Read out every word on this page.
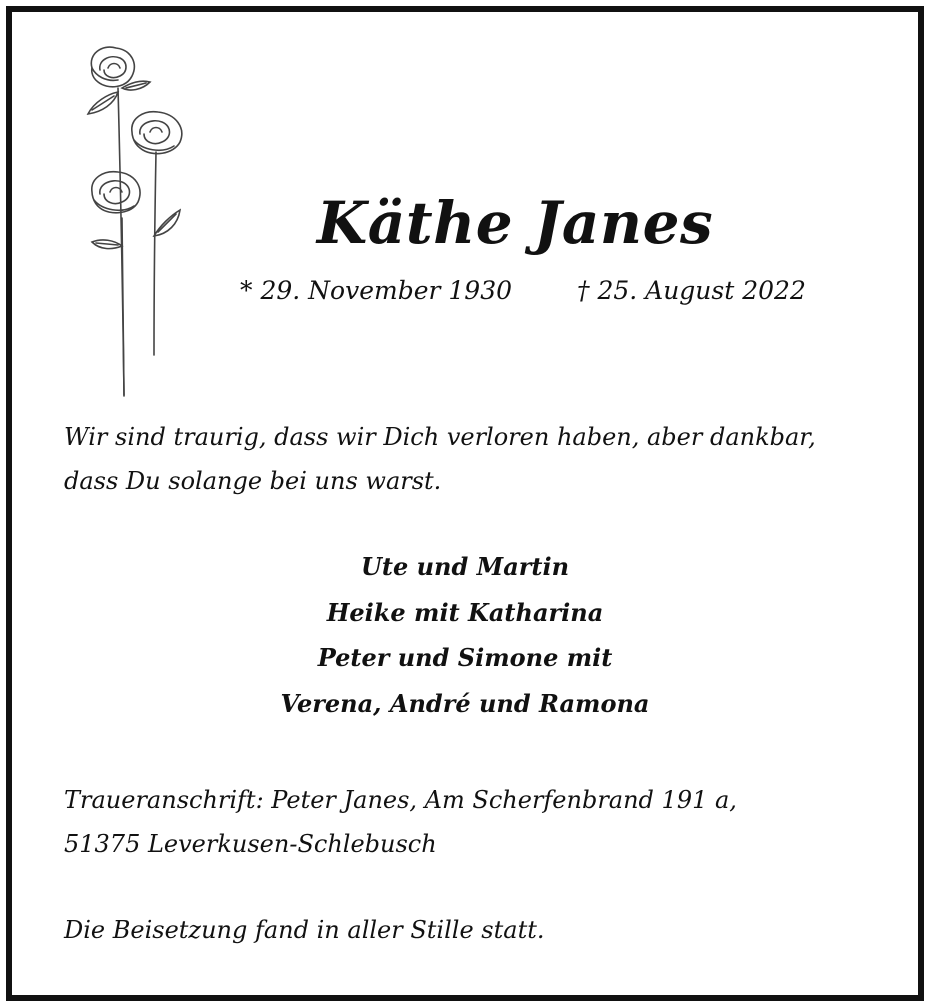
Käthe Janes
* 29. November 1930	† 25. August 2022
Wir sind traurig, dass wir Dich verloren haben, aber dankbar,
dass Du solange bei uns warst.
Ute und Martin
Heike mit Katharina
Peter und Simone mit
Verena, André und Ramona
Traueranschrift: Peter Janes, Am Scherfenbrand 191 a,
51375 Leverkusen-Schlebusch
Die Beisetzung fand in aller Stille statt.
